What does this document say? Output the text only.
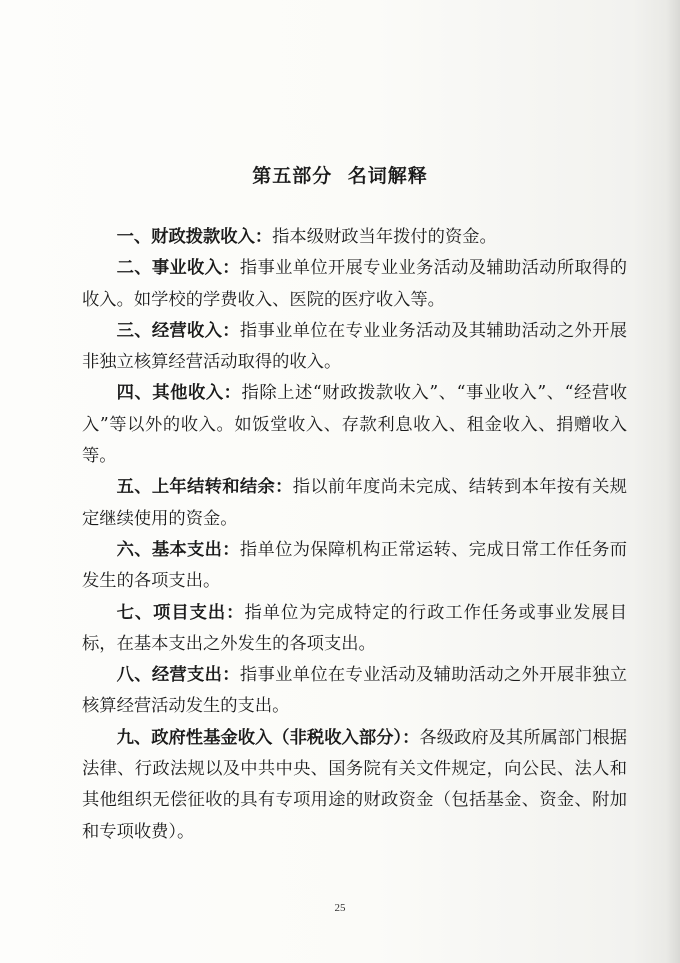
第五部分 名词解释

一、财政拨款收入：指本级财政当年拨付的资金。

二、事业收入：指事业单位开展专业业务活动及辅助活动所取得的收入。如学校的学费收入、医院的医疗收入等。

三、经营收入：指事业单位在专业业务活动及其辅助活动之外开展非独立核算经营活动取得的收入。

四、其他收入：指除上述“财政拨款收入”、“事业收入”、“经营收入”等以外的收入。如饭堂收入、存款利息收入、租金收入、捐赠收入等。

五、上年结转和结余：指以前年度尚未完成、结转到本年按有关规定继续使用的资金。

六、基本支出：指单位为保障机构正常运转、完成日常工作任务而发生的各项支出。

七、项目支出：指单位为完成特定的行政工作任务或事业发展目标，在基本支出之外发生的各项支出。

八、经营支出：指事业单位在专业活动及辅助活动之外开展非独立核算经营活动发生的支出。

九、政府性基金收入（非税收入部分）：各级政府及其所属部门根据法律、行政法规以及中共中央、国务院有关文件规定，向公民、法人和其他组织无偿征收的具有专项用途的财政资金（包括基金、资金、附加和专项收费）。

25
